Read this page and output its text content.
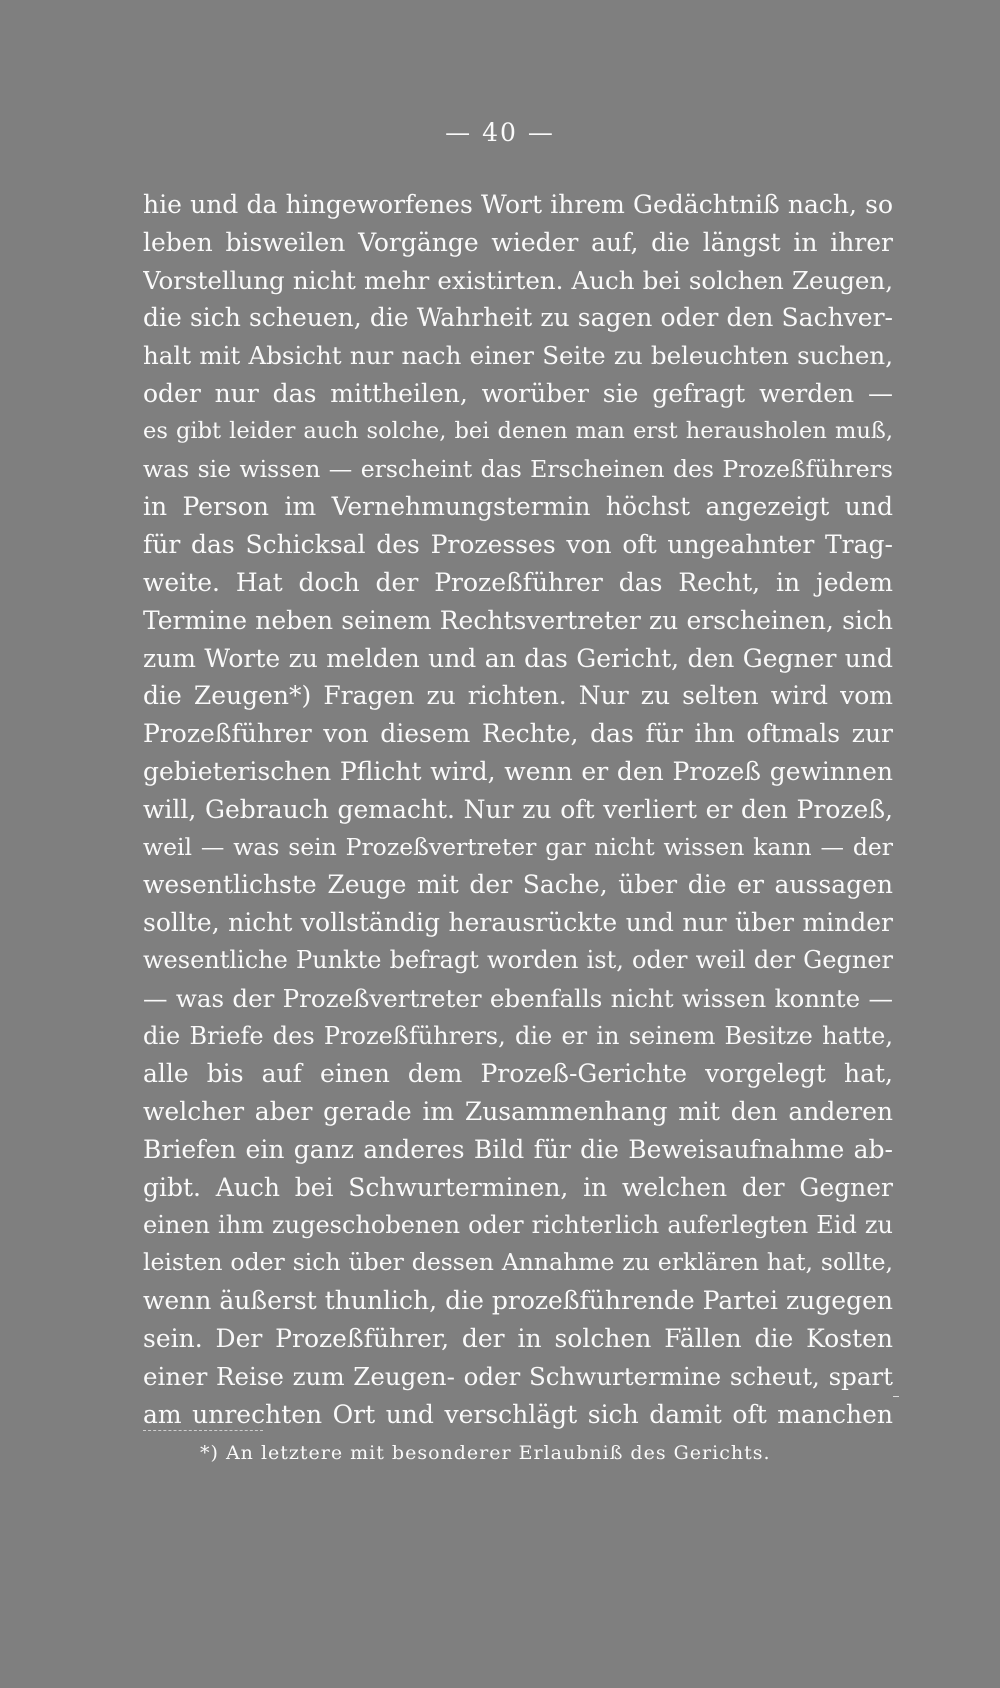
— 40 —
hie und da hingeworfenes Wort ihrem Gedächtniß nach, so
leben bisweilen Vorgänge wieder auf, die längst in ihrer
Vorstellung nicht mehr existirten. Auch bei solchen Zeugen,
die sich scheuen, die Wahrheit zu sagen oder den Sachver-
halt mit Absicht nur nach einer Seite zu beleuchten suchen,
oder nur das mittheilen, worüber sie gefragt werden —
es gibt leider auch solche, bei denen man erst herausholen muß,
was sie wissen — erscheint das Erscheinen des Prozeßführers
in Person im Vernehmungstermin höchst angezeigt und
für das Schicksal des Prozesses von oft ungeahnter Trag-
weite. Hat doch der Prozeßführer das Recht, in jedem
Termine neben seinem Rechtsvertreter zu erscheinen, sich
zum Worte zu melden und an das Gericht, den Gegner und
die Zeugen*) Fragen zu richten. Nur zu selten wird vom
Prozeßführer von diesem Rechte, das für ihn oftmals zur
gebieterischen Pflicht wird, wenn er den Prozeß gewinnen
will, Gebrauch gemacht. Nur zu oft verliert er den Prozeß,
weil — was sein Prozeßvertreter gar nicht wissen kann — der
wesentlichste Zeuge mit der Sache, über die er aussagen
sollte, nicht vollständig herausrückte und nur über minder
wesentliche Punkte befragt worden ist, oder weil der Gegner
— was der Prozeßvertreter ebenfalls nicht wissen konnte —
die Briefe des Prozeßführers, die er in seinem Besitze hatte,
alle bis auf einen dem Prozeß-Gerichte vorgelegt hat,
welcher aber gerade im Zusammenhang mit den anderen
Briefen ein ganz anderes Bild für die Beweisaufnahme ab-
gibt. Auch bei Schwurterminen, in welchen der Gegner
einen ihm zugeschobenen oder richterlich auferlegten Eid zu
leisten oder sich über dessen Annahme zu erklären hat, sollte,
wenn äußerst thunlich, die prozeßführende Partei zugegen
sein. Der Prozeßführer, der in solchen Fällen die Kosten
einer Reise zum Zeugen- oder Schwurtermine scheut, spart
am unrechten Ort und verschlägt sich damit oft manchen
*) An letztere mit besonderer Erlaubniß des Gerichts.
